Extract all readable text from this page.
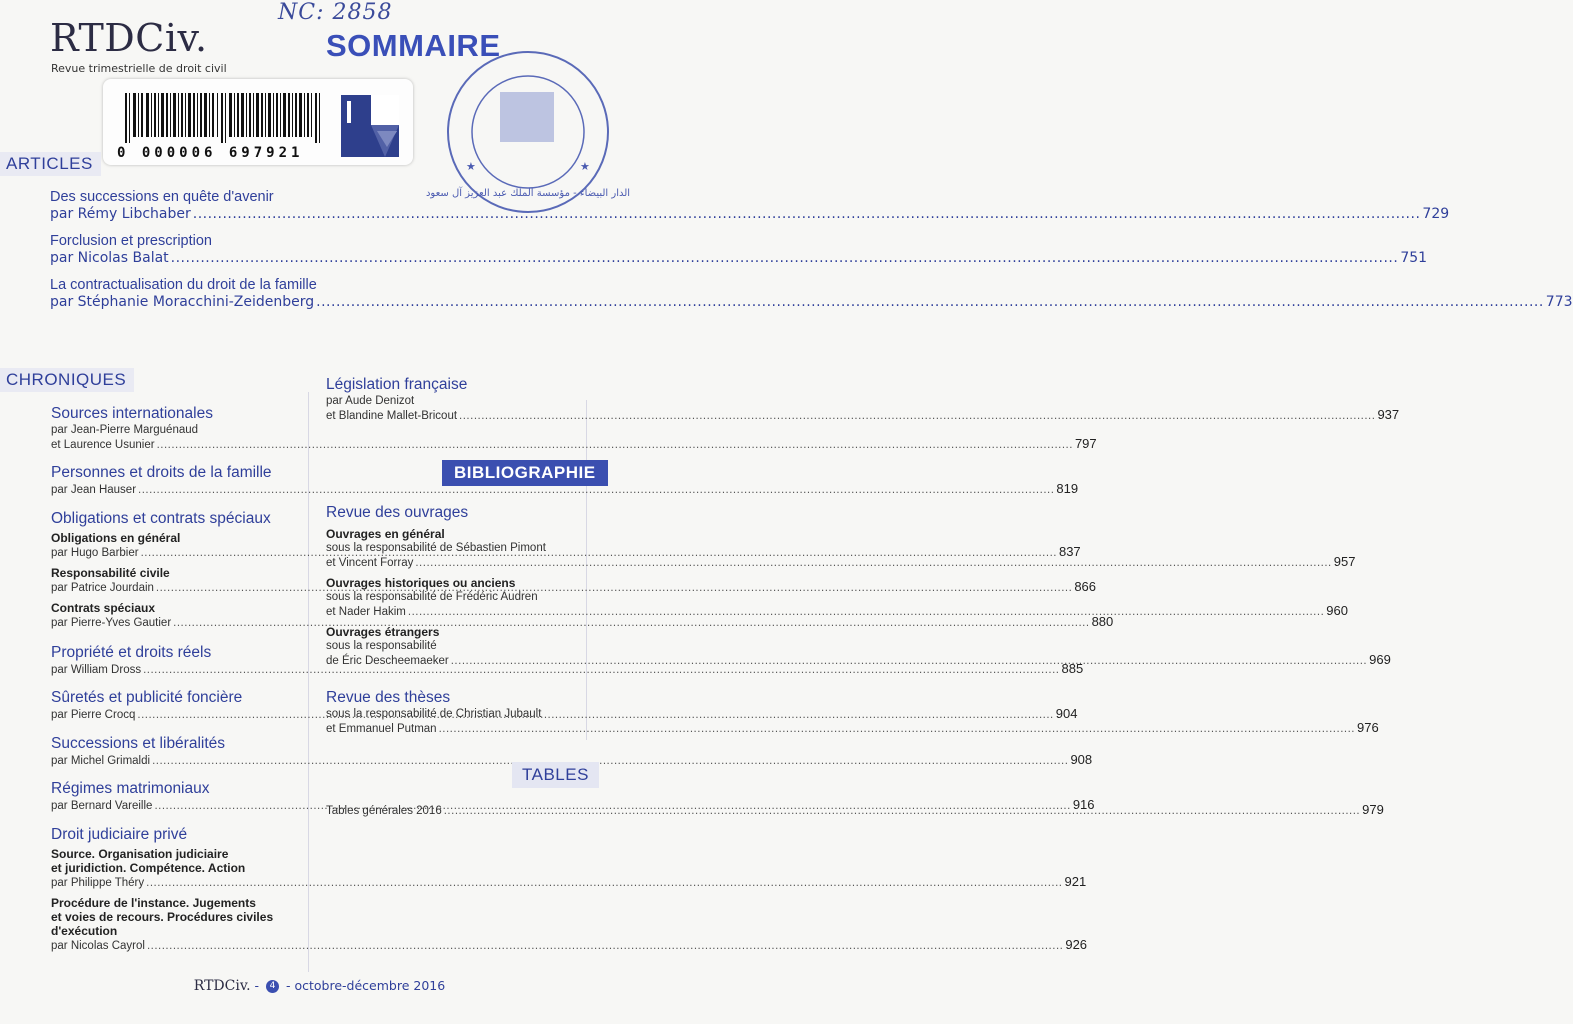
RTDCiv.
Revue trimestrielle de droit civil
NC: 2858
SOMMAIRE
0 000006 697921
الدار البيضاء - مؤسسة الملك عبد العزيز آل سعود
★	★
ARTICLES
Des successions en quête d'avenir
par Rémy Libchaber .....	729
Forclusion et prescription
par Nicolas Balat .....	751
La contractualisation du droit de la famille
par Stéphanie Moracchini-Zeidenberg .....	773
CHRONIQUES
Sources internationales
par Jean-Pierre Marguénaud
et Laurence Usunier .....	797
Personnes et droits de la famille
par Jean Hauser .....	819
Obligations et contrats spéciaux
Obligations en général
par Hugo Barbier .....	837
Responsabilité civile
par Patrice Jourdain .....	866
Contrats spéciaux
par Pierre-Yves Gautier .....	880
Propriété et droits réels
par William Dross .....	885
Sûretés et publicité foncière
par Pierre Crocq .....	904
Successions et libéralités
par Michel Grimaldi .....	908
Régimes matrimoniaux
par Bernard Vareille .....	916
Droit judiciaire privé
Source. Organisation judiciaire
et juridiction. Compétence. Action
par Philippe Théry .....	921
Procédure de l'instance. Jugements
et voies de recours. Procédures civiles
d'exécution
par Nicolas Cayrol .....	926
Législation française
par Aude Denizot
et Blandine Mallet-Bricout .....	937
BIBLIOGRAPHIE
Revue des ouvrages
Ouvrages en général
sous la responsabilité de Sébastien Pimont
et Vincent Forray .....	957
Ouvrages historiques ou anciens
sous la responsabilité de Frédéric Audren
et Nader Hakim .....	960
Ouvrages étrangers
sous la responsabilité
de Éric Descheemaeker .....	969
Revue des thèses
sous la responsabilité de Christian Jubault
et Emmanuel Putman .....	976
TABLES
Tables générales 2016 .....	979
RTDCiv. - 4 - octobre-décembre 2016
